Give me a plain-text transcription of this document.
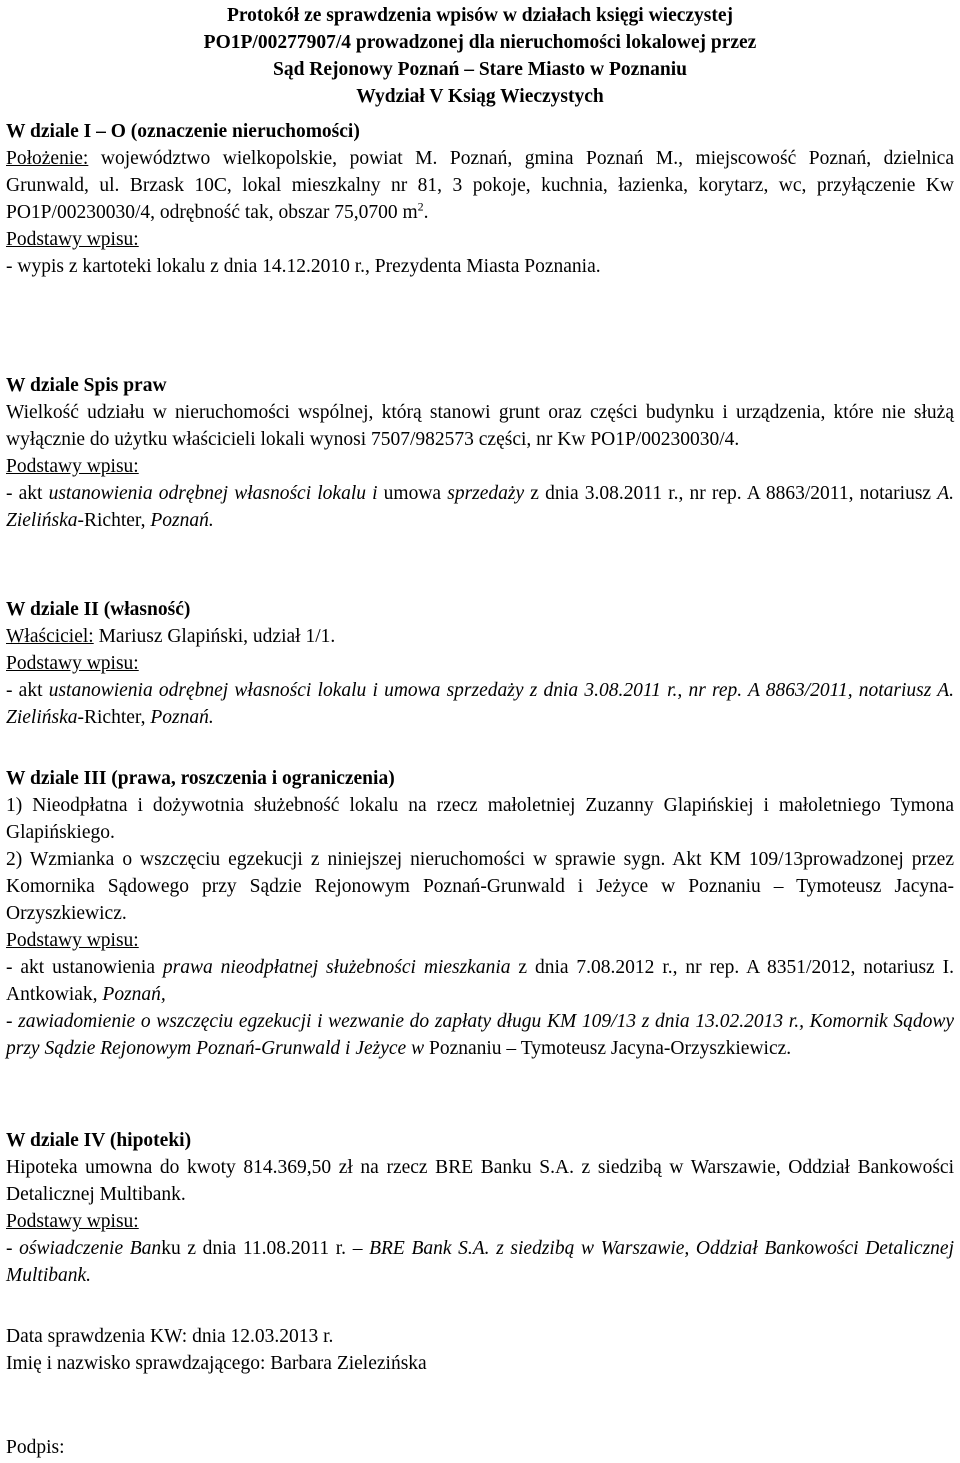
Protokół ze sprawdzenia wpisów w działach księgi wieczystej
PO1P/00277907/4 prowadzonej dla nieruchomości lokalowej przez
Sąd Rejonowy Poznań – Stare Miasto w Poznaniu
Wydział V Ksiąg Wieczystych
W dziale I – O (oznaczenie nieruchomości)

Położenie: województwo wielkopolskie, powiat M. Poznań, gmina Poznań M., miejscowość Poznań, dzielnica Grunwald, ul. Brzask 10C, lokal mieszkalny nr 81, 3 pokoje, kuchnia, łazienka, korytarz, wc, przyłączenie Kw PO1P/00230030/4, odrębność tak, obszar 75,0700 $m^2$.

Podstawy wpisu:

- wypis z kartoteki lokalu z dnia 14.12.2010 r., Prezydenta Miasta Poznania.

W dziale Spis praw

Wielkość udziału w nieruchomości wspólnej, którą stanowi grunt oraz części budynku i urządzenia, które nie służą wyłącznie do użytku właścicieli lokali wynosi 7507/982573 części, nr Kw PO1P/00230030/4.

Podstawy wpisu:

- akt ustanowienia odrębnej własności lokalu i umowa sprzedaży z dnia 3.08.2011 r., nr rep. A 8863/2011, notariusz A. Zielińska-Richter, Poznań.

W dziale II (własność)

Właściciel: Mariusz Glapiński, udział 1/1.

Podstawy wpisu:

- akt ustanowienia odrębnej własności lokalu i umowa sprzedaży z dnia 3.08.2011 r., nr rep. A 8863/2011, notariusz A. Zielińska-Richter, Poznań.

W dziale III (prawa, roszczenia i ograniczenia)

1) Nieodpłatna i dożywotnia służebność lokalu na rzecz małoletniej Zuzanny Glapińskiej i małoletniego Tymona Glapińskiego.

2) Wzmianka o wszczęciu egzekucji z niniejszej nieruchomości w sprawie sygn. Akt KM 109/13prowadzonej przez Komornika Sądowego przy Sądzie Rejonowym Poznań-Grunwald i Jeżyce w Poznaniu – Tymoteusz Jacyna-Orzyszkiewicz.

Podstawy wpisu:

- akt ustanowienia prawa nieodpłatnej służebności mieszkania z dnia 7.08.2012 r., nr rep. A 8351/2012, notariusz I. Antkowiak, Poznań,

- zawiadomienie o wszczęciu egzekucji i wezwanie do zapłaty długu KM 109/13 z dnia 13.02.2013 r., Komornik Sądowy przy Sądzie Rejonowym Poznań-Grunwald i Jeżyce w Poznaniu – Tymoteusz Jacyna-Orzyszkiewicz.

W dziale IV (hipoteki)

Hipoteka umowna do kwoty 814.369,50 zł na rzecz BRE Banku S.A. z siedzibą w Warszawie, Oddział Bankowości Detalicznej Multibank.

Podstawy wpisu:

- oświadczenie Banku z dnia 11.08.2011 r. – BRE Bank S.A. z siedzibą w Warszawie, Oddział Bankowości Detalicznej Multibank.

Data sprawdzenia KW: dnia 12.03.2013 r.

Imię i nazwisko sprawdzającego: Barbara Zielezińska

Podpis:
